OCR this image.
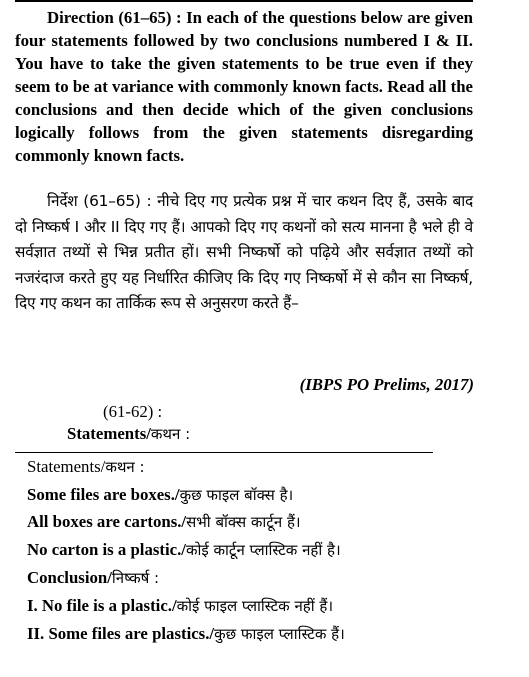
Direction (61–65) : In each of the questions below are given four statements followed by two conclusions numbered I & II. You have to take the given statements to be true even if they seem to be at variance with commonly known facts. Read all the conclusions and then decide which of the given conclusions logically follows from the given statements disregarding commonly known facts.

निर्देश (61–65) : नीचे दिए गए प्रत्येक प्रश्न में चार कथन दिए हैं, उसके बाद दो निष्कर्ष I और II दिए गए हैं। आपको दिए गए कथनों को सत्य मानना है भले ही वे सर्वज्ञात तथ्यों से भिन्न प्रतीत हों। सभी निष्कर्षो को पढ़िये और सर्वज्ञात तथ्यों को नजरंदाज करते हुए यह निर्धारित कीजिए कि दिए गए निष्कर्षो में से कौन सा निष्कर्ष, दिए गए कथन का तार्किक रूप से अनुसरण करते हैं–

(IBPS PO Prelims, 2017)

(61-62) :

Statements/कथन :

Statements/कथन :

Some files are boxes./कुछ फाइल बॉक्स है।

All boxes are cartons./सभी बॉक्स कार्टून हैं।

No carton is a plastic./कोई कार्टून प्लास्टिक नहीं है।

Conclusion/निष्कर्ष :

I. No file is a plastic./कोई फाइल प्लास्टिक नहीं हैं।

II. Some files are plastics./कुछ फाइल प्लास्टिक हैं।
